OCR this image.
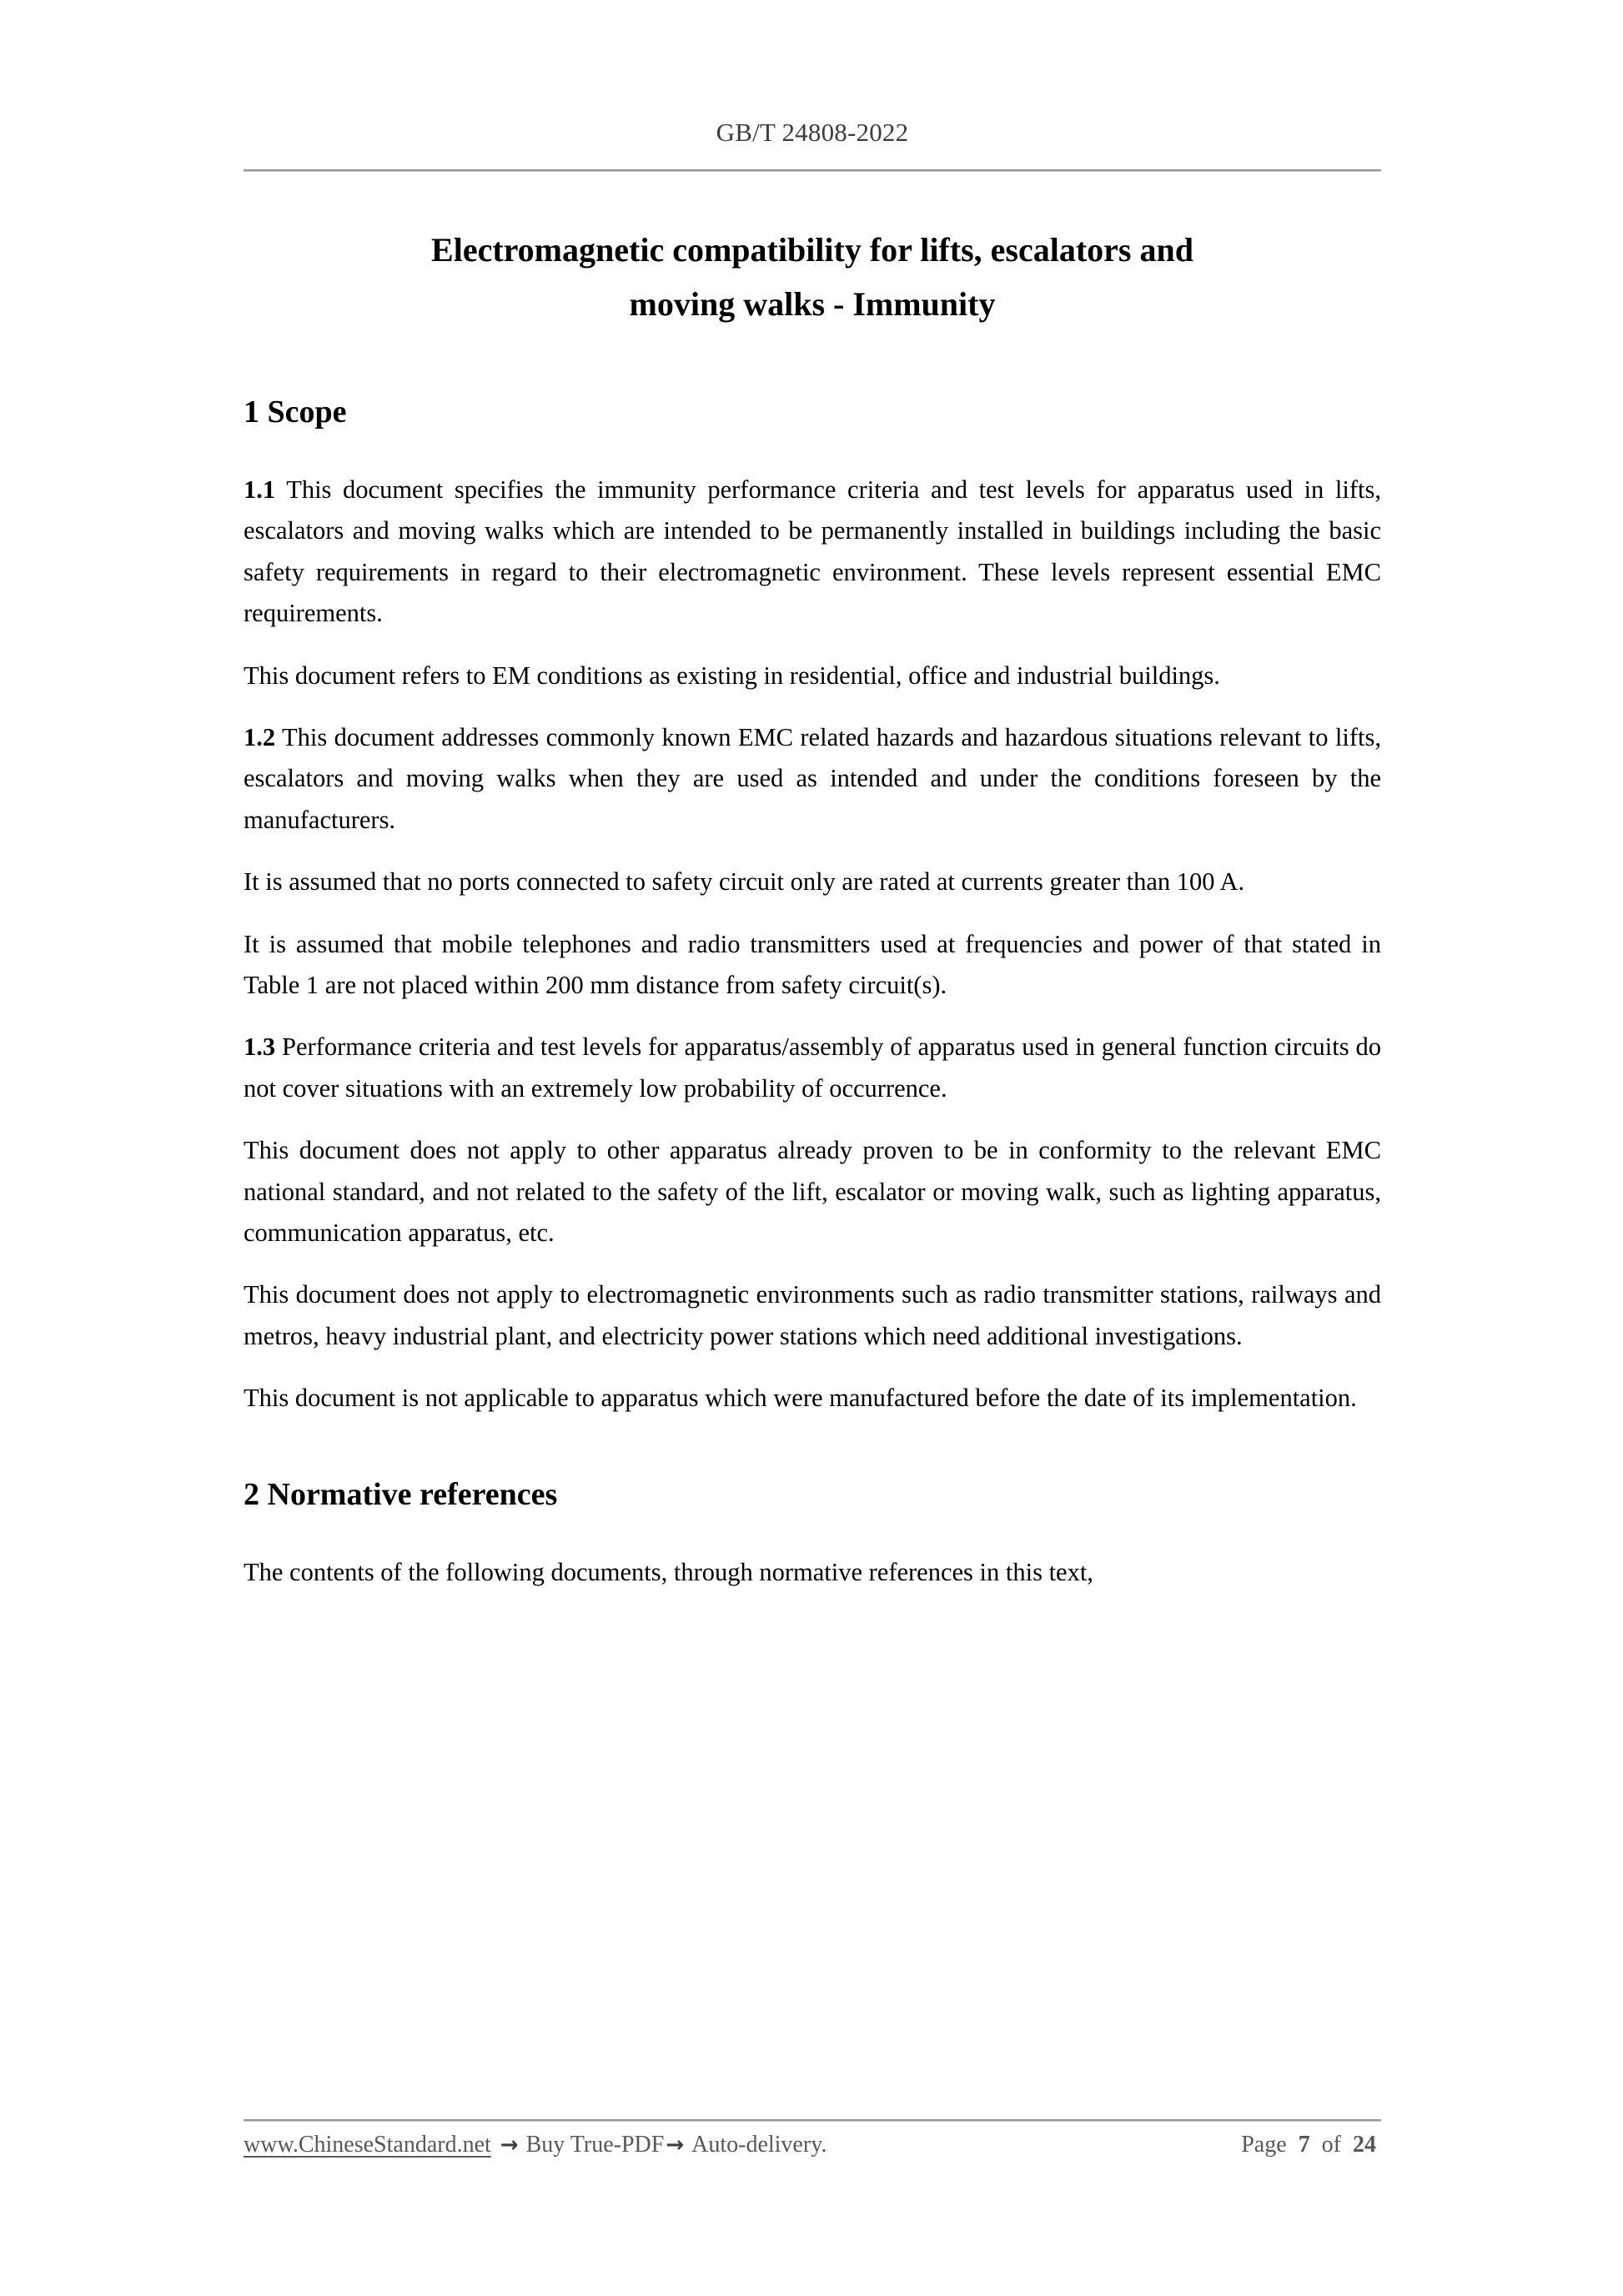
GB/T 24808-2022
Electromagnetic compatibility for lifts, escalators and
moving walks - Immunity
1 Scope

1.1 This document specifies the immunity performance criteria and test levels for apparatus used in lifts, escalators and moving walks which are intended to be permanently installed in buildings including the basic safety requirements in regard to their electromagnetic environment. These levels represent essential EMC requirements.

This document refers to EM conditions as existing in residential, office and industrial buildings.

1.2 This document addresses commonly known EMC related hazards and hazardous situations relevant to lifts, escalators and moving walks when they are used as intended and under the conditions foreseen by the manufacturers.

It is assumed that no ports connected to safety circuit only are rated at currents greater than 100 A.

It is assumed that mobile telephones and radio transmitters used at frequencies and power of that stated in Table 1 are not placed within 200 mm distance from safety circuit(s).

1.3 Performance criteria and test levels for apparatus/assembly of apparatus used in general function circuits do not cover situations with an extremely low probability of occurrence.

This document does not apply to other apparatus already proven to be in conformity to the relevant EMC national standard, and not related to the safety of the lift, escalator or moving walk, such as lighting apparatus, communication apparatus, etc.

This document does not apply to electromagnetic environments such as radio transmitter stations, railways and metros, heavy industrial plant, and electricity power stations which need additional investigations.

This document is not applicable to apparatus which were manufactured before the date of its implementation.

2 Normative references

The contents of the following documents, through normative references in this text,

www.ChineseStandard.net → Buy True-PDF → Auto-delivery.	Page 7 of 24
